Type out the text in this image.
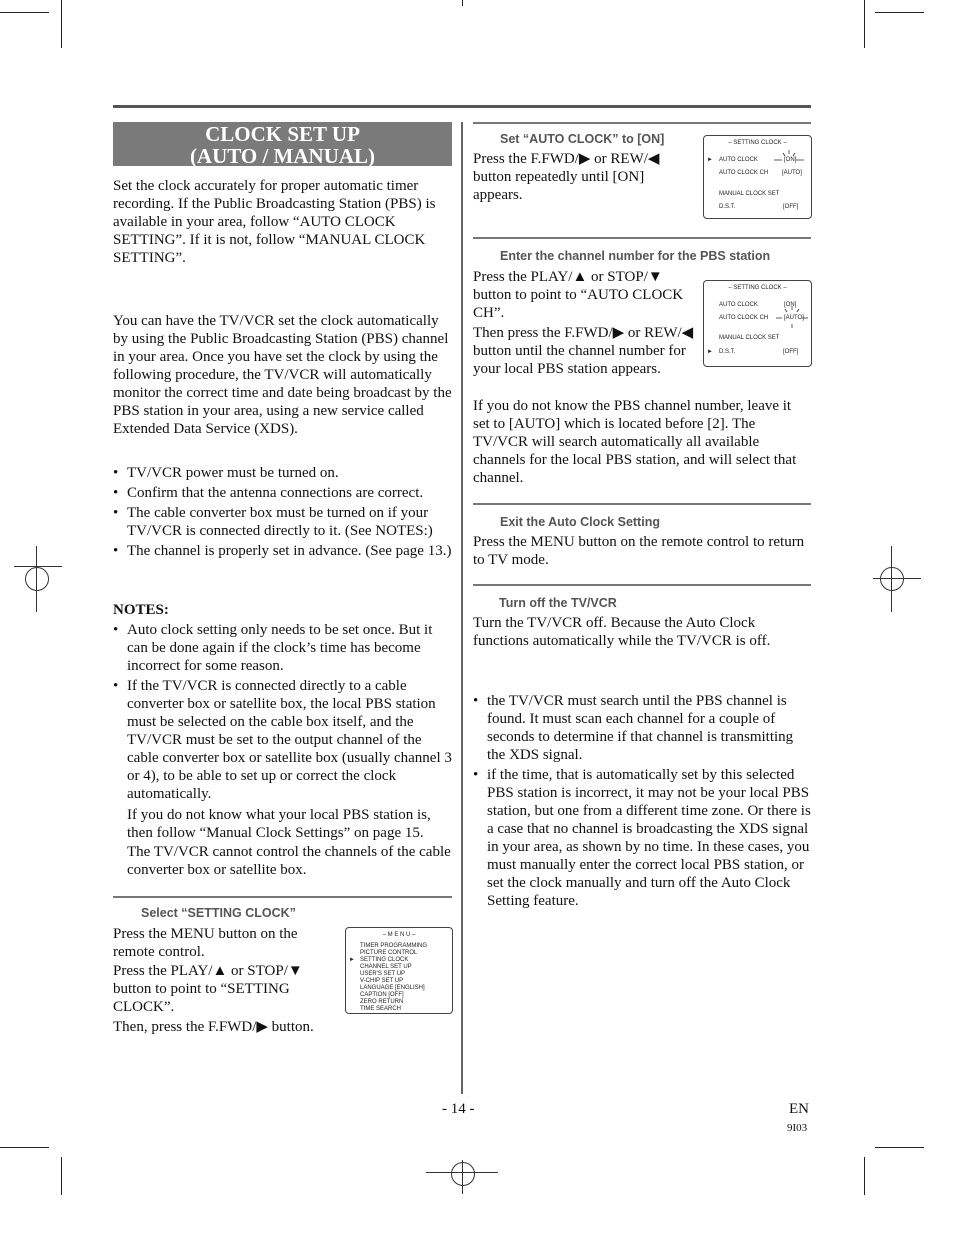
CLOCK SET UP
(AUTO / MANUAL)
Set the clock accurately for proper automatic timer recording. If the Public Broadcasting Station (PBS) is available in your area, follow “AUTO CLOCK SETTING”. If it is not, follow “MANUAL CLOCK SETTING”.
You can have the TV/VCR set the clock automatically by using the Public Broadcasting Station (PBS) channel in your area. Once you have set the clock by using the following procedure, the TV/VCR will automatically monitor the correct time and date being broadcast by the PBS station in your area, using a new service called Extended Data Service (XDS).
• TV/VCR power must be turned on.
• Confirm that the antenna connections are correct.
• The cable converter box must be turned on if your TV/VCR is connected directly to it. (See NOTES:)
• The channel is properly set in advance. (See page 13.)
NOTES:
• Auto clock setting only needs to be set once. But it can be done again if the clock’s time has become incorrect for some reason.
• If the TV/VCR is connected directly to a cable converter box or satellite box, the local PBS station must be selected on the cable box itself, and the TV/VCR must be set to the output channel of the cable converter box or satellite box (usually channel 3 or 4), to be able to set up or correct the clock automatically.
If you do not know what your local PBS station is, then follow “Manual Clock Settings” on page 15.
The TV/VCR cannot control the channels of the cable converter box or satellite box.
Select “SETTING CLOCK”
Press the MENU button on the remote control.
Press the PLAY/▲ or STOP/▼ button to point to “SETTING CLOCK”.
Then, press the F.FWD/▶ button.
– M E N U –
►
TIMER PROGRAMMING
PICTURE CONTROL
SETTING CLOCK
CHANNEL SET UP
USER'S SET UP
V-CHIP SET UP
LANGUAGE [ENGLISH]
CAPTION [OFF]
ZERO RETURN
TIME SEARCH
Set “AUTO CLOCK” to [ON]
Press the F.FWD/▶ or REW/◀ button repeatedly until [ON] appears.
– SETTING CLOCK –
► AUTO CLOCK	[ON]
AUTO CLOCK CH [AUTO]
MANUAL CLOCK SET
D.S.T.	[OFF]
Enter the channel number for the PBS station
Press the PLAY/▲ or STOP/▼ button to point to “AUTO CLOCK CH”.
Then press the F.FWD/▶ or REW/◀ button until the channel number for your local PBS station appears.
If you do not know the PBS channel number, leave it set to [AUTO] which is located before [2]. The TV/VCR will search automatically all available channels for the local PBS station, and will select that channel.
– SETTING CLOCK –
AUTO CLOCK	[ON]
AUTO CLOCK CH	[AUTO]
MANUAL CLOCK SET
► D.S.T.	[OFF]
Exit the Auto Clock Setting
Press the MENU button on the remote control to return to TV mode.
Turn off the TV/VCR
Turn the TV/VCR off. Because the Auto Clock functions automatically while the TV/VCR is off.
• the TV/VCR must search until the PBS channel is found. It must scan each channel for a couple of seconds to determine if that channel is transmitting the XDS signal.
• if the time, that is automatically set by this selected PBS station is incorrect, it may not be your local PBS station, but one from a different time zone. Or there is a case that no channel is broadcasting the XDS signal in your area, as shown by no time. In these cases, you must manually enter the correct local PBS station, or set the clock manually and turn off the Auto Clock Setting feature.
- 14 -	EN
9I03
